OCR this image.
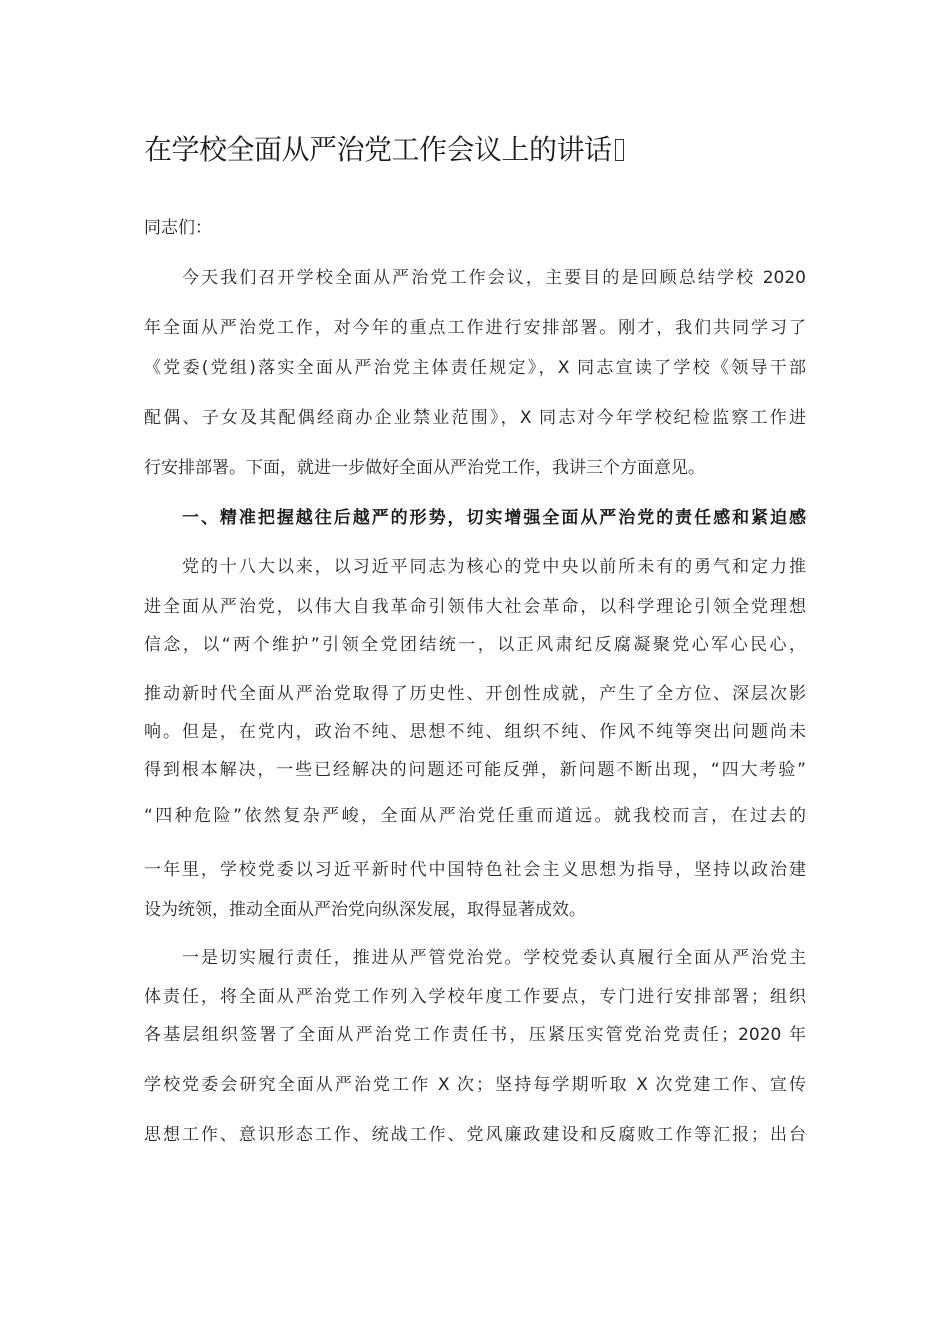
在学校全面从严治党工作会议上的讲话
同志们：
今天我们召开学校全面从严治党工作会议，主要目的是回顾总结学校 2020
年全面从严治党工作，对今年的重点工作进行安排部署。刚才，我们共同学习了
《党委(党组)落实全面从严治党主体责任规定》，X 同志宣读了学校《领导干部
配偶、子女及其配偶经商办企业禁业范围》，X 同志对今年学校纪检监察工作进
行安排部署。下面，就进一步做好全面从严治党工作，我讲三个方面意见。
一、精准把握越往后越严的形势，切实增强全面从严治党的责任感和紧迫感
党的十八大以来，以习近平同志为核心的党中央以前所未有的勇气和定力推
进全面从严治党，以伟大自我革命引领伟大社会革命，以科学理论引领全党理想
信念，以“两个维护”引领全党团结统一，以正风肃纪反腐凝聚党心军心民心，
推动新时代全面从严治党取得了历史性、开创性成就，产生了全方位、深层次影
响。但是，在党内，政治不纯、思想不纯、组织不纯、作风不纯等突出问题尚未
得到根本解决，一些已经解决的问题还可能反弹，新问题不断出现，“四大考验”
“四种危险”依然复杂严峻，全面从严治党任重而道远。就我校而言，在过去的
一年里，学校党委以习近平新时代中国特色社会主义思想为指导，坚持以政治建
设为统领，推动全面从严治党向纵深发展，取得显著成效。
一是切实履行责任，推进从严管党治党。学校党委认真履行全面从严治党主
体责任，将全面从严治党工作列入学校年度工作要点，专门进行安排部署；组织
各基层组织签署了全面从严治党工作责任书，压紧压实管党治党责任；2020 年
学校党委会研究全面从严治党工作 X 次；坚持每学期听取 X 次党建工作、宣传
思想工作、意识形态工作、统战工作、党风廉政建设和反腐败工作等汇报；出台
